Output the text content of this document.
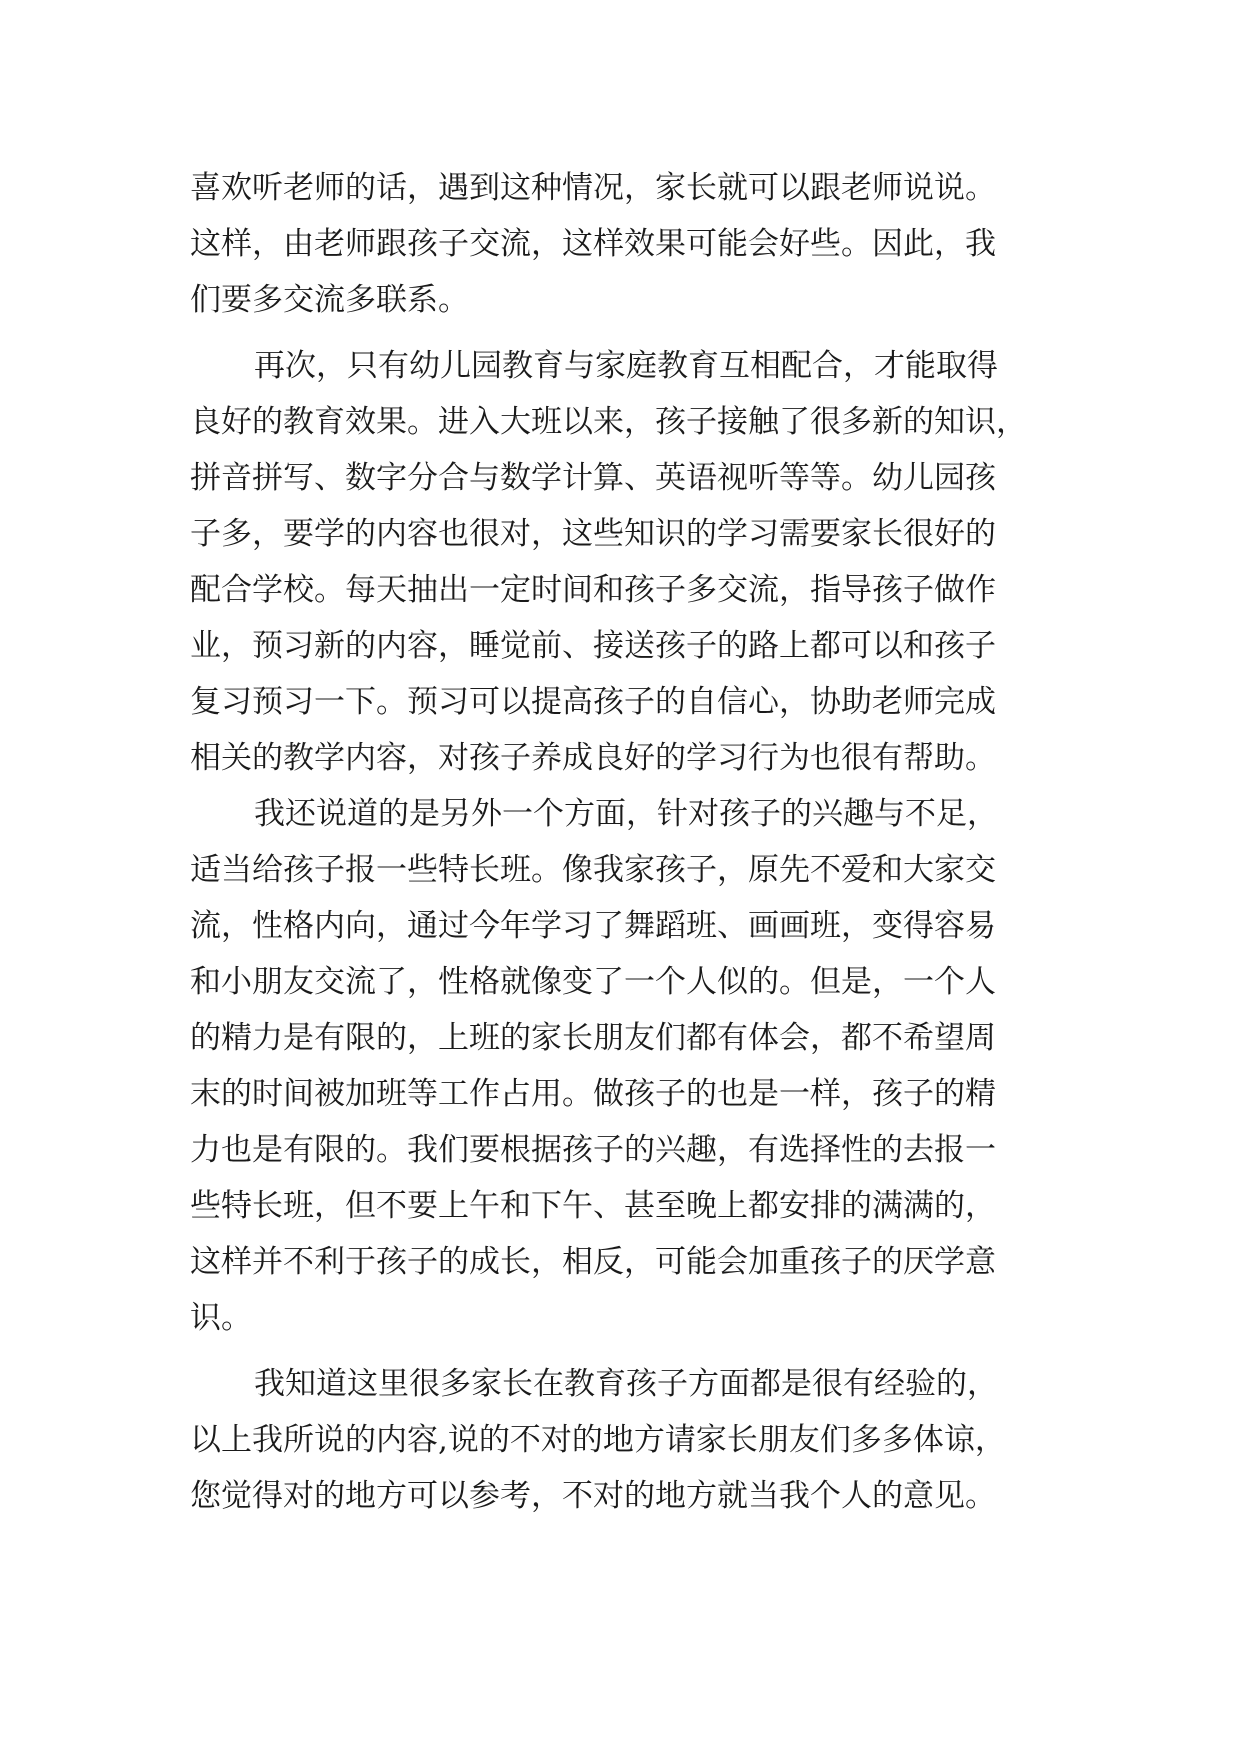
喜欢听老师的话，遇到这种情况，家长就可以跟老师说说。
这样，由老师跟孩子交流，这样效果可能会好些。因此，我
们要多交流多联系。
再次，只有幼儿园教育与家庭教育互相配合，才能取得
良好的教育效果。进入大班以来，孩子接触了很多新的知识，
拼音拼写、数字分合与数学计算、英语视听等等。幼儿园孩
子多，要学的内容也很对，这些知识的学习需要家长很好的
配合学校。每天抽出一定时间和孩子多交流，指导孩子做作
业，预习新的内容，睡觉前、接送孩子的路上都可以和孩子
复习预习一下。预习可以提高孩子的自信心，协助老师完成
相关的教学内容，对孩子养成良好的学习行为也很有帮助。
我还说道的是另外一个方面，针对孩子的兴趣与不足，
适当给孩子报一些特长班。像我家孩子，原先不爱和大家交
流，性格内向，通过今年学习了舞蹈班、画画班，变得容易
和小朋友交流了，性格就像变了一个人似的。但是，一个人
的精力是有限的，上班的家长朋友们都有体会，都不希望周
末的时间被加班等工作占用。做孩子的也是一样，孩子的精
力也是有限的。我们要根据孩子的兴趣，有选择性的去报一
些特长班，但不要上午和下午、甚至晚上都安排的满满的，
这样并不利于孩子的成长，相反，可能会加重孩子的厌学意
识。
我知道这里很多家长在教育孩子方面都是很有经验的，
以上我所说的内容,说的不对的地方请家长朋友们多多体谅，
您觉得对的地方可以参考，不对的地方就当我个人的意见。
